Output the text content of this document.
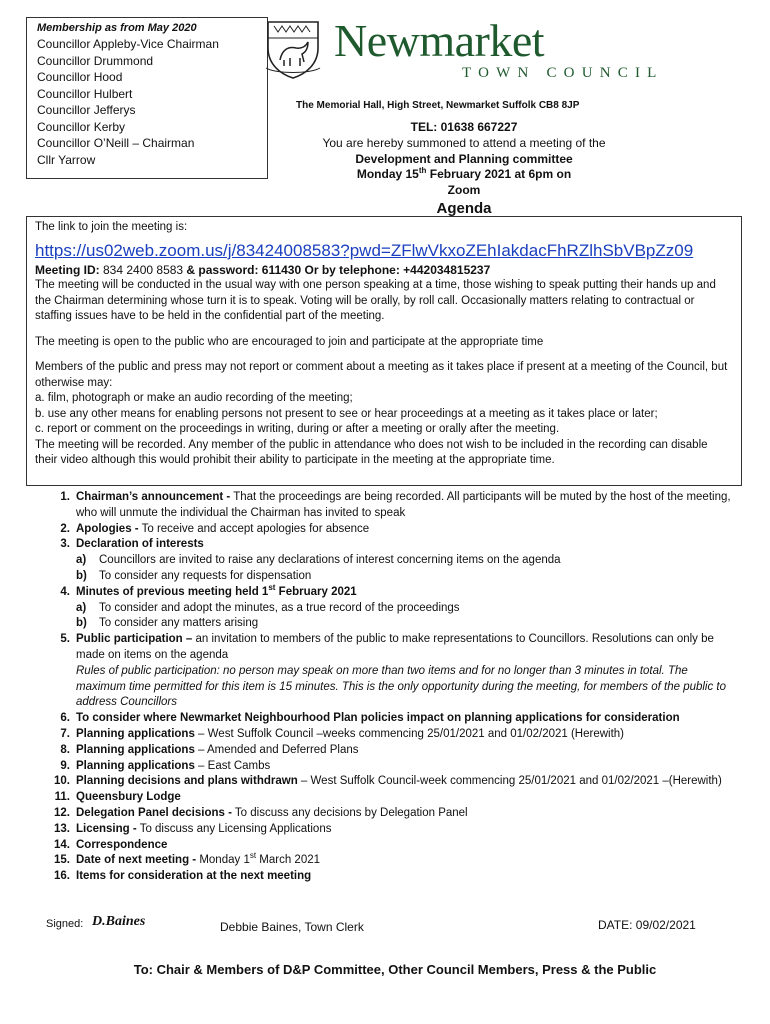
Membership as from May 2020
Councillor Appleby-Vice Chairman
Councillor Drummond
Councillor Hood
Councillor Hulbert
Councillor Jefferys
Councillor Kerby
Councillor O’Neill – Chairman
Cllr Yarrow
Newmarket
TOWN COUNCIL
The Memorial Hall, High Street, Newmarket Suffolk CB8 8JP
TEL: 01638 667227
You are hereby summoned to attend a meeting of the
Development and Planning committee
Monday 15th February 2021 at 6pm on
Zoom
Agenda

The link to join the meeting is:

https://us02web.zoom.us/j/83424008583?pwd=ZFlwVkxoZEhIakdacFhRZlhSbVBpZz09

Meeting ID: 834 2400 8583 & password: 611430 Or by telephone: +442034815237

The meeting will be conducted in the usual way with one person speaking at a time, those wishing to speak putting their hands up and the Chairman determining whose turn it is to speak. Voting will be orally, by roll call. Occasionally matters relating to contractual or staffing issues have to be held in the confidential part of the meeting.

The meeting is open to the public who are encouraged to join and participate at the appropriate time

Members of the public and press may not report or comment about a meeting as it takes place if present at a meeting of the Council, but otherwise may:

a. film, photograph or make an audio recording of the meeting;

b. use any other means for enabling persons not present to see or hear proceedings at a meeting as it takes place or later;

c. report or comment on the proceedings in writing, during or after a meeting or orally after the meeting.

The meeting will be recorded. Any member of the public in attendance who does not wish to be included in the recording can disable their video although this would prohibit their ability to participate in the meeting at the appropriate time.

1. Chairman’s announcement - That the proceedings are being recorded. All participants will be muted by the host of the meeting, who will unmute the individual the Chairman has invited to speak
2. Apologies - To receive and accept apologies for absence
3. Declaration of interests
a)	Councillors are invited to raise any declarations of interest concerning items on the agenda
b)	To consider any requests for dispensation
4. Minutes of previous meeting held 1st February 2021
a)	To consider and adopt the minutes, as a true record of the proceedings
b)	To consider any matters arising
5. Public participation – an invitation to members of the public to make representations to Councillors. Resolutions can only be made on items on the agenda
Rules of public participation: no person may speak on more than two items and for no longer than 3 minutes in total. The maximum time permitted for this item is 15 minutes. This is the only opportunity during the meeting, for members of the public to address Councillors
6. To consider where Newmarket Neighbourhood Plan policies impact on planning applications for consideration
7. Planning applications – West Suffolk Council –weeks commencing 25/01/2021 and 01/02/2021 (Herewith)
8. Planning applications – Amended and Deferred Plans
9. Planning applications – East Cambs
10. Planning decisions and plans withdrawn – West Suffolk Council-week commencing 25/01/2021 and 01/02/2021 –(Herewith)
11. Queensbury Lodge
12. Delegation Panel decisions - To discuss any decisions by Delegation Panel
13. Licensing - To discuss any Licensing Applications
14. Correspondence
15. Date of next meeting - Monday 1st March 2021
16. Items for consideration at the next meeting
Signed: D.Baines	Debbie Baines, Town Clerk	DATE: 09/02/2021
To: Chair & Members of D&P Committee, Other Council Members, Press & the Public
